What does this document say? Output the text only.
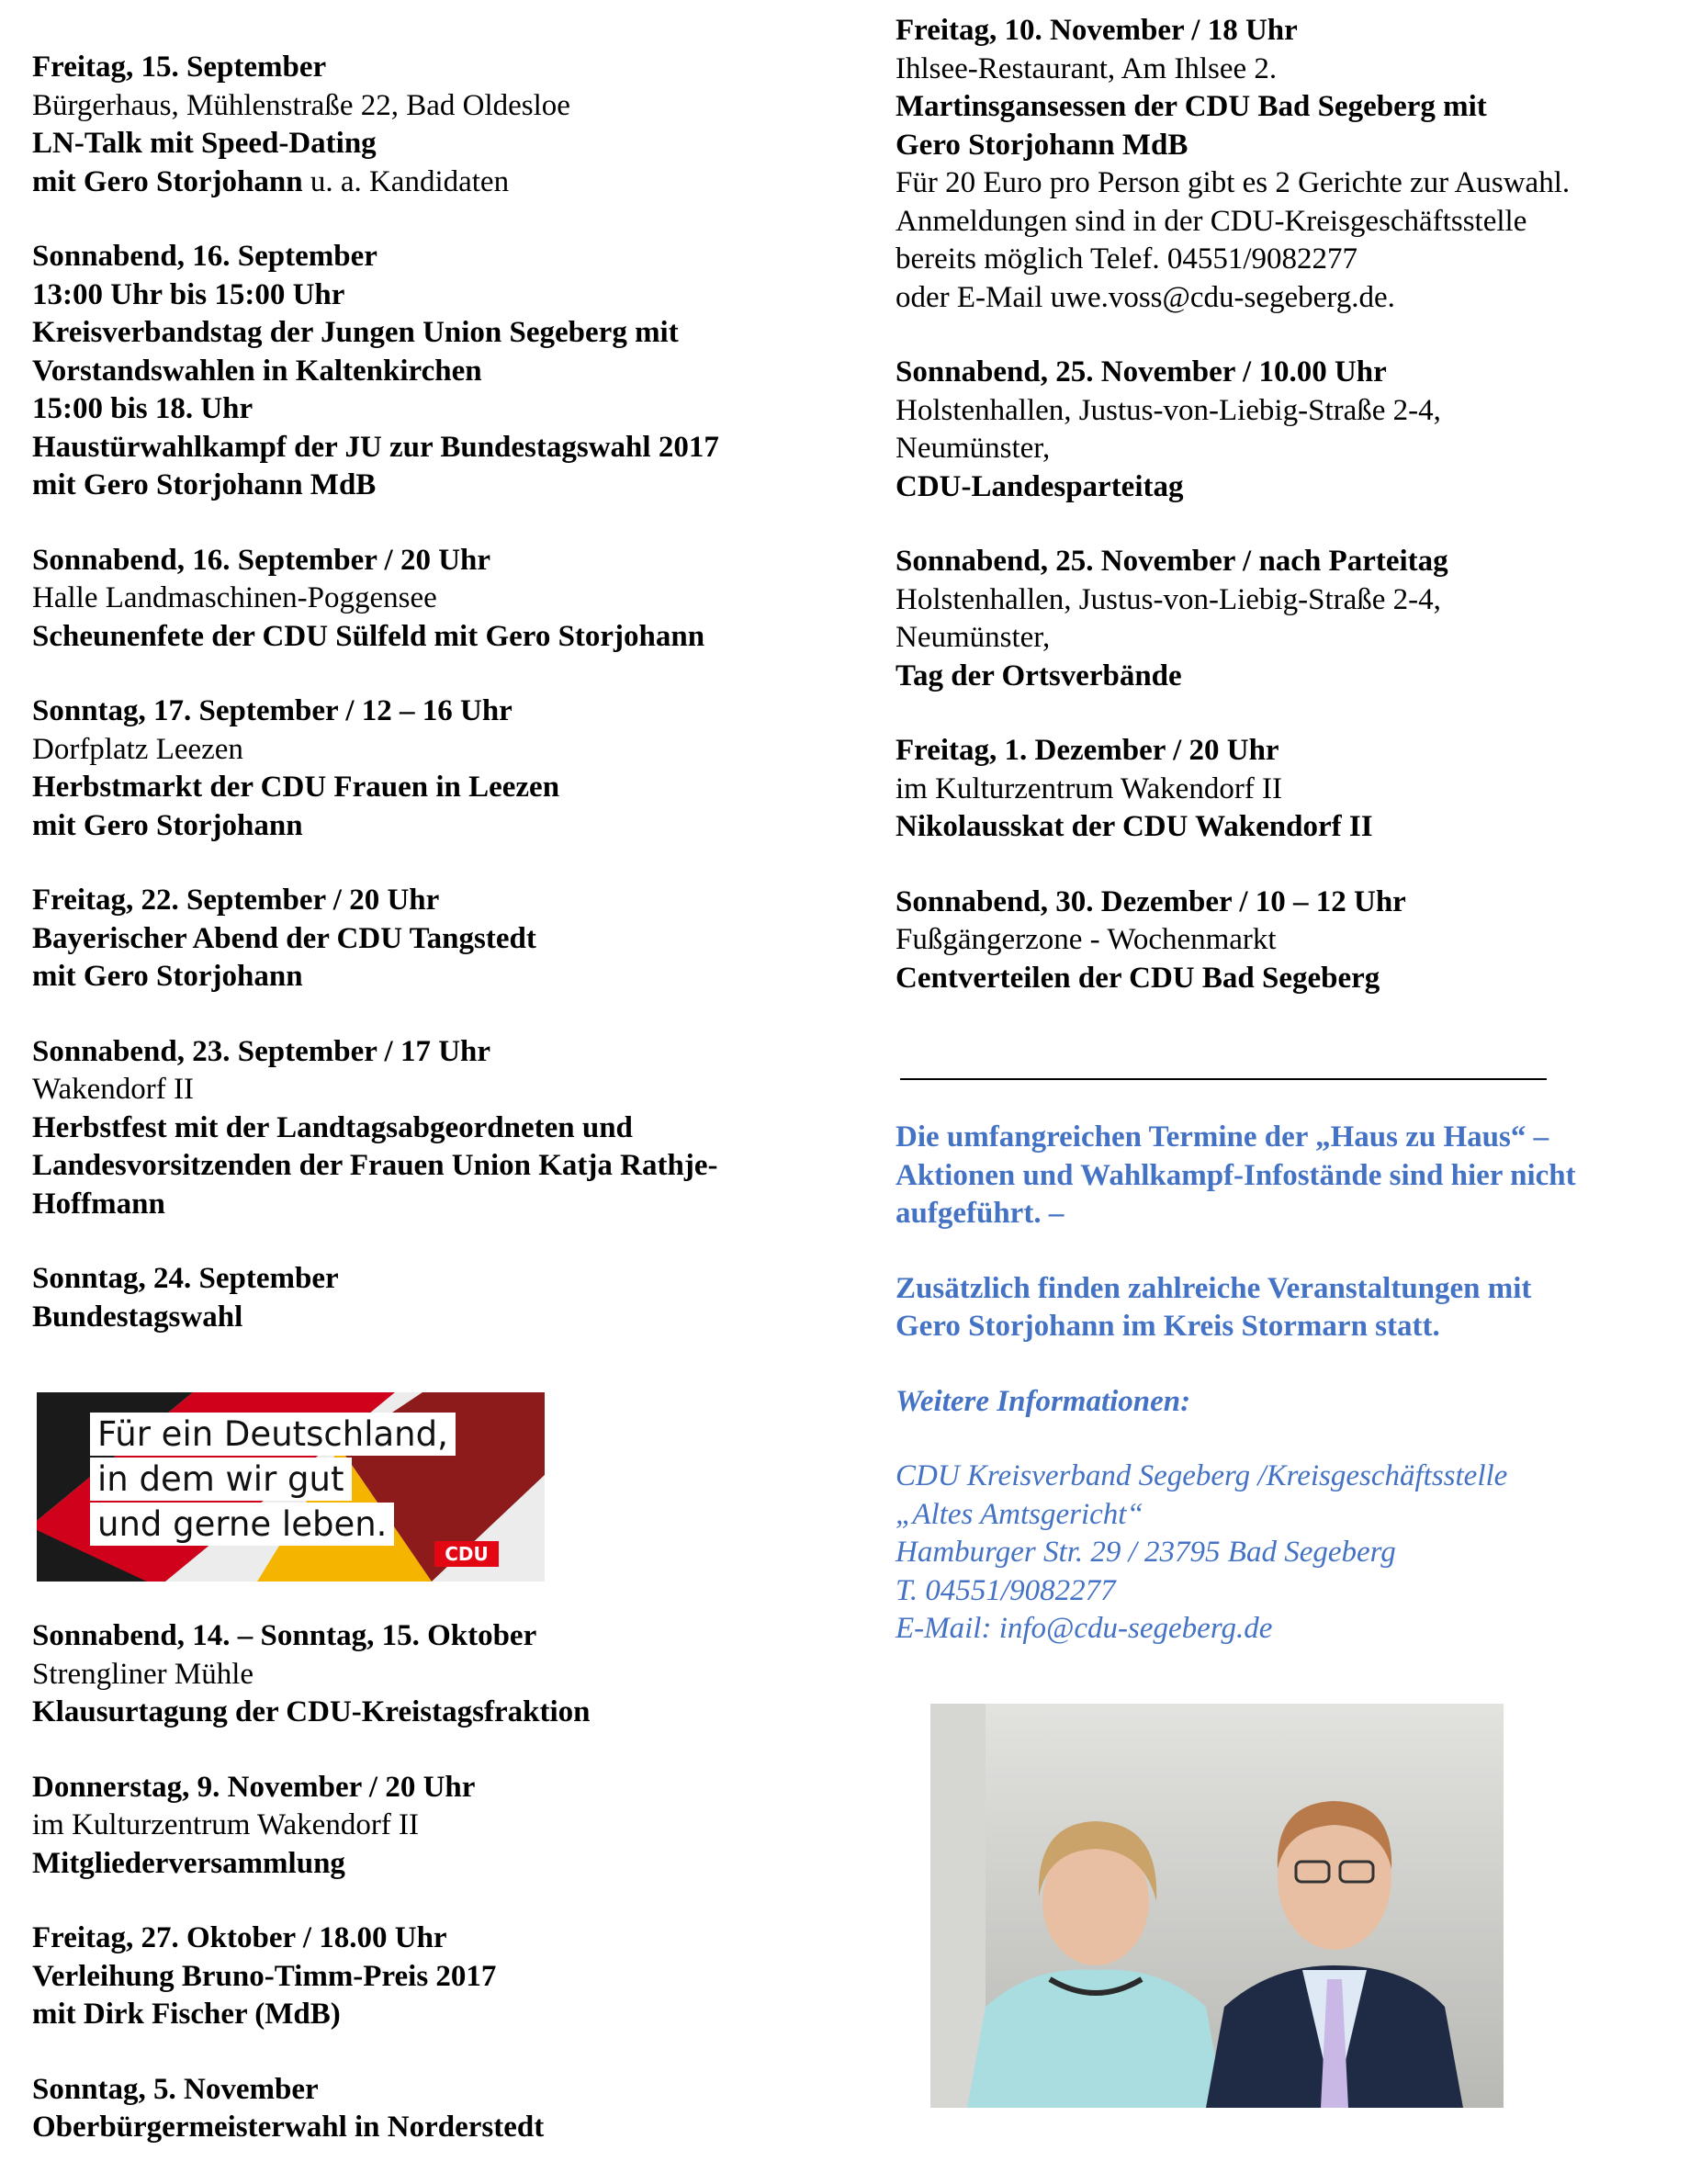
Freitag, 15. September
Bürgerhaus, Mühlenstraße 22, Bad Oldesloe
LN-Talk mit Speed-Dating
mit Gero Storjohann u. a. Kandidaten
Sonnabend, 16. September
13:00 Uhr bis 15:00 Uhr
Kreisverbandstag der Jungen Union Segeberg mit
Vorstandswahlen in Kaltenkirchen
15:00 bis 18. Uhr
Haustürwahlkampf der JU zur Bundestagswahl 2017
mit Gero Storjohann MdB
Sonnabend, 16. September / 20 Uhr
Halle Landmaschinen-Poggensee
Scheunenfete der CDU Sülfeld mit Gero Storjohann
Sonntag, 17. September / 12 – 16 Uhr
Dorfplatz Leezen
Herbstmarkt der CDU Frauen in Leezen
mit Gero Storjohann
Freitag, 22. September / 20 Uhr
Bayerischer Abend der CDU Tangstedt
mit Gero Storjohann
Sonnabend, 23. September / 17 Uhr
Wakendorf II
Herbstfest mit der Landtagsabgeordneten und
Landesvorsitzenden der Frauen Union Katja Rathje-
Hoffmann
Sonntag, 24. September
Bundestagswahl
Für ein Deutschland,
in dem wir gut
und gerne leben.
CDU
Sonnabend, 14. – Sonntag, 15. Oktober
Strengliner Mühle
Klausurtagung der CDU-Kreistagsfraktion
Donnerstag, 9. November / 20 Uhr
im Kulturzentrum Wakendorf II
Mitgliederversammlung
Freitag, 27. Oktober / 18.00 Uhr
Verleihung Bruno-Timm-Preis 2017
mit Dirk Fischer (MdB)
Sonntag, 5. November
Oberbürgermeisterwahl in Norderstedt
Freitag, 10. November / 18 Uhr
Ihlsee-Restaurant, Am Ihlsee 2.
Martinsgansessen der CDU Bad Segeberg mit
Gero Storjohann MdB
Für 20 Euro pro Person gibt es 2 Gerichte zur Auswahl.
Anmeldungen sind in der CDU-Kreisgeschäftsstelle
bereits möglich Telef. 04551/9082277
oder E-Mail uwe.voss@cdu-segeberg.de.
Sonnabend, 25. November / 10.00 Uhr
Holstenhallen, Justus-von-Liebig-Straße 2-4,
Neumünster,
CDU-Landesparteitag
Sonnabend, 25. November / nach Parteitag
Holstenhallen, Justus-von-Liebig-Straße 2-4,
Neumünster,
Tag der Ortsverbände
Freitag, 1. Dezember / 20 Uhr
im Kulturzentrum Wakendorf II
Nikolausskat der CDU Wakendorf II
Sonnabend, 30. Dezember / 10 – 12 Uhr
Fußgängerzone - Wochenmarkt
Centverteilen der CDU Bad Segeberg
Die umfangreichen Termine der „Haus zu Haus“ –
Aktionen und Wahlkampf-Infostände sind hier nicht
aufgeführt. –
Zusätzlich finden zahlreiche Veranstaltungen mit
Gero Storjohann im Kreis Stormarn statt.
Weitere Informationen:
CDU Kreisverband Segeberg /Kreisgeschäftsstelle
„Altes Amtsgericht“
Hamburger Str. 29 / 23795 Bad Segeberg
T. 04551/9082277
E-Mail: info@cdu-segeberg.de
